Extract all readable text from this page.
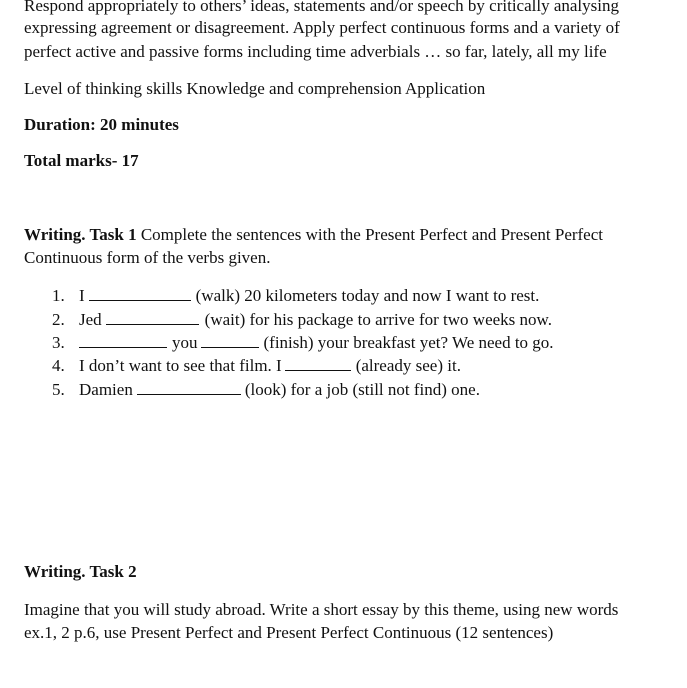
Respond appropriately to others’ ideas, statements and/or speech by critically analysing
expressing agreement or disagreement. Apply perfect continuous forms and a variety of
perfect active and passive forms including time adverbials … so far, lately, all my life
Level of thinking skills Knowledge and comprehension Application
Duration: 20 minutes
Total marks- 17
Writing. Task 1 Complete the sentences with the Present Perfect and Present Perfect
Continuous form of the verbs given.
1. I	(walk) 20 kilometers today and now I want to rest.
2. Jed	(wait) for his package to arrive for two weeks now.
3.	you	(finish) your breakfast yet? We need to go.
4. I don’t want to see that film. I	(already see) it.
5. Damien	(look) for a job (still not find) one.
Writing. Task 2
Imagine that you will study abroad. Write a short essay by this theme, using new words
ex.1, 2 p.6, use Present Perfect and Present Perfect Continuous (12 sentences)
